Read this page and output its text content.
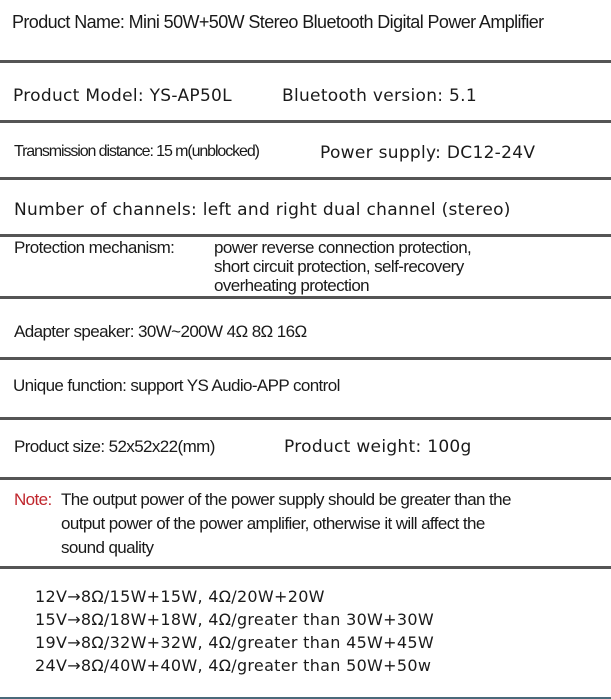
Product Name: Mini 50W+50W Stereo Bluetooth Digital Power Amplifier
Product Model: YS-AP50L	Bluetooth version: 5.1
Transmission distance: 15 m(unblocked)	Power supply: DC12-24V
Number of channels: left and right dual channel (stereo)
Protection mechanism: power reverse connection protection,
short circuit protection, self-recovery
overheating protection
Adapter speaker: 30W~200W 4Ω 8Ω 16Ω
Unique function: support YS Audio-APP control
Product size: 52x52x22(mm)	Product weight: 100g
Note: The output power of the power supply should be greater than the
output power of the power amplifier, otherwise it will affect the
sound quality
12V→8Ω/15W+15W, 4Ω/20W+20W
15V→8Ω/18W+18W, 4Ω/greater than 30W+30W
19V→8Ω/32W+32W, 4Ω/greater than 45W+45W
24V→8Ω/40W+40W, 4Ω/greater than 50W+50w
